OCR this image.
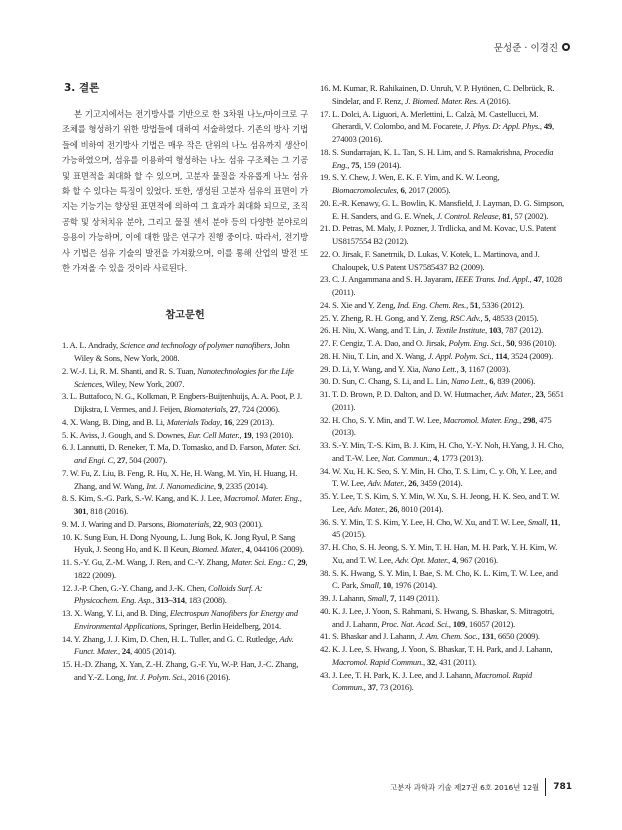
문성준 · 이경진
3. 결론

본 기고지에서는 전기방사를 기반으로 한 3차원 나노/마이크로 구조체를 형성하기 위한 방법들에 대하여 서술하였다. 기존의 방사 기법들에 비하여 전기방사 기법은 매우 작은 단위의 나노 섬유까지 생산이 가능하였으며, 섬유를 이용하여 형성하는 나노 섬유 구조체는 그 기공 및 표면적을 최대화 할 수 있으며, 고분자 물질을 자유롭게 나노 섬유화 할 수 있다는 특징이 있었다. 또한, 생성된 고분자 섬유의 표면이 가지는 기능기는 향상된 표면적에 의하여 그 효과가 최대화 되므로, 조직공학 및 상처치유 분야, 그리고 물질 센서 분야 등의 다양한 분야로의 응용이 가능하며, 이에 대한 많은 연구가 진행 중이다. 따라서, 전기방사 기법은 섬유 기술의 발전을 가져왔으며, 이를 통해 산업의 발전 또한 가져올 수 있을 것이라 사료된다.

참고문헌
1. A. L. Andrady, Science and technology of polymer nanofibers, John Wiley & Sons, New York, 2008.
2. W.-J. Li, R. M. Shanti, and R. S. Tuan, Nanotechnologies for the Life Sciences, Wiley, New York, 2007.
3. L. Buttafoco, N. G., Kolkman, P. Engbers-Buijtenhuijs, A. A. Poot, P. J. Dijkstra, I. Vermes, and J. Feijen, Biomaterials, 27, 724 (2006).
4. X. Wang, B. Ding, and B. Li, Materials Today, 16, 229 (2013).
5. K. Aviss, J. Gough, and S. Downes, Eur. Cell Mater., 19, 193 (2010).
6. J. Lannutti, D. Reneker, T. Ma, D. Tomasko, and D. Farson, Mater. Sci. and Engi. C, 27, 504 (2007).
7. W. Fu, Z. Liu, B. Feng, R. Hu, X. He, H. Wang, M. Yin, H. Huang, H. Zhang, and W. Wang, Int. J. Nanomedicine, 9, 2335 (2014).
8. S. Kim, S.-G. Park, S.-W. Kang, and K. J. Lee, Macromol. Mater. Eng., 301, 818 (2016).
9. M. J. Waring and D. Parsons, Biomaterials, 22, 903 (2001).
10. K. Sung Eun, H. Dong Nyoung, L. Jung Bok, K. Jong Ryul, P. Sang Hyuk, J. Seong Ho, and K. Il Keun, Biomed. Mater., 4, 044106 (2009).
11. S.-Y. Gu, Z.-M. Wang, J. Ren, and C.-Y. Zhang, Mater. Sci. Eng.: C, 29, 1822 (2009).
12. J.-P. Chen, G.-Y. Chang, and J.-K. Chen, Colloids Surf. A: Physicochem. Eng. Asp., 313–314, 183 (2008).
13. X. Wang, Y. Li, and B. Ding, Electrospun Nanofibers for Energy and Environmental Applications, Springer, Berlin Heidelberg, 2014.
14. Y. Zhang, J. J. Kim, D. Chen, H. L. Tuller, and G. C. Rutledge, Adv. Funct. Mater., 24, 4005 (2014).
15. H.-D. Zhang, X. Yan, Z.-H. Zhang, G.-F. Yu, W.-P. Han, J.-C. Zhang, and Y.-Z. Long, Int. J. Polym. Sci., 2016 (2016).
16. M. Kumar, R. Rahikainen, D. Unruh, V. P. Hytönen, C. Delbrück, R. Sindelar, and F. Renz, J. Biomed. Mater. Res. A (2016).
17. L. Dolci, A. Liguori, A. Merlettini, L. Calzà, M. Castellucci, M. Gherardi, V. Colombo, and M. Focarete, J. Phys. D: Appl. Phys., 49, 274003 (2016).
18. S. Sundarrajan, K. L. Tan, S. H. Lim, and S. Ramakrishna, Procedia Eng., 75, 159 (2014).
19. S. Y. Chew, J. Wen, E. K. F. Yim, and K. W. Leong, Biomacromolecules, 6, 2017 (2005).
20. E.-R. Kenawy, G. L. Bowlin, K. Mansfield, J. Layman, D. G. Simpson, E. H. Sanders, and G. E. Wnek, J. Control. Release, 81, 57 (2002).
21. D. Petras, M. Maly, J. Pozner, J. Trdlicka, and M. Kovac, U.S. Patent US8157554 B2 (2012).
22. O. Jirsak, F. Sanetrnik, D. Lukas, V. Kotek, L. Martinova, and J. Chaloupek, U.S Patent US7585437 B2 (2009).
23. C. J. Angammana and S. H. Jayaram, IEEE Trans. Ind. Appl., 47, 1028 (2011).
24. S. Xie and Y. Zeng, Ind. Eng. Chem. Res., 51, 5336 (2012).
25. Y. Zheng, R. H. Gong, and Y. Zeng, RSC Adv., 5, 48533 (2015).
26. H. Niu, X. Wang, and T. Lin, J. Textile Institute, 103, 787 (2012).
27. F. Cengiz, T. A. Dao, and O. Jirsak, Polym. Eng. Sci., 50, 936 (2010).
28. H. Niu, T. Lin, and X. Wang, J. Appl. Polym. Sci., 114, 3524 (2009).
29. D. Li, Y. Wang, and Y. Xia, Nano Lett., 3, 1167 (2003).
30. D. Sun, C. Chang, S. Li, and L. Lin, Nano Lett., 6, 839 (2006).
31. T. D. Brown, P. D. Dalton, and D. W. Hutmacher, Adv. Mater., 23, 5651 (2011).
32. H. Cho, S. Y. Min, and T. W. Lee, Macromol. Mater. Eng., 298, 475 (2013).
33. S.-Y. Min, T.-S. Kim, B. J. Kim, H. Cho, Y.-Y. Noh, H.Yang, J. H. Cho, and T.-W. Lee, Nat. Commun., 4, 1773 (2013).
34. W. Xu, H. K. Seo, S. Y. Min, H. Cho, T. S. Lim, C. y. Oh, Y. Lee, and T. W. Lee, Adv. Mater., 26, 3459 (2014).
35. Y. Lee, T. S. Kim, S. Y. Min, W. Xu, S. H. Jeong, H. K. Seo, and T. W. Lee, Adv. Mater., 26, 8010 (2014).
36. S. Y. Min, T. S. Kim, Y. Lee, H. Cho, W. Xu, and T. W. Lee, Small, 11, 45 (2015).
37. H. Cho, S. H. Jeong, S. Y. Min, T. H. Han, M. H. Park, Y. H. Kim, W. Xu, and T. W. Lee, Adv. Opt. Mater., 4, 967 (2016).
38. S. K. Hwang, S. Y. Min, I. Bae, S. M. Cho, K. L. Kim, T. W. Lee, and C. Park, Small, 10, 1976 (2014).
39. J. Lahann, Small, 7, 1149 (2011).
40. K. J. Lee, J. Yoon, S. Rahmani, S. Hwang, S. Bhaskar, S. Mitragotri, and J. Lahann, Proc. Nat. Acad. Sci., 109, 16057 (2012).
41. S. Bhaskar and J. Lahann, J. Am. Chem. Soc., 131, 6650 (2009).
42. K. J. Lee, S. Hwang, J. Yoon, S. Bhaskar, T. H. Park, and J. Lahann, Macromol. Rapid Commun., 32, 431 (2011).
43. J. Lee, T. H. Park, K. J. Lee, and J. Lahann, Macromol. Rapid Commun., 37, 73 (2016).
고분자 과학과 기술 제27권 6호 2016년 12월	781
